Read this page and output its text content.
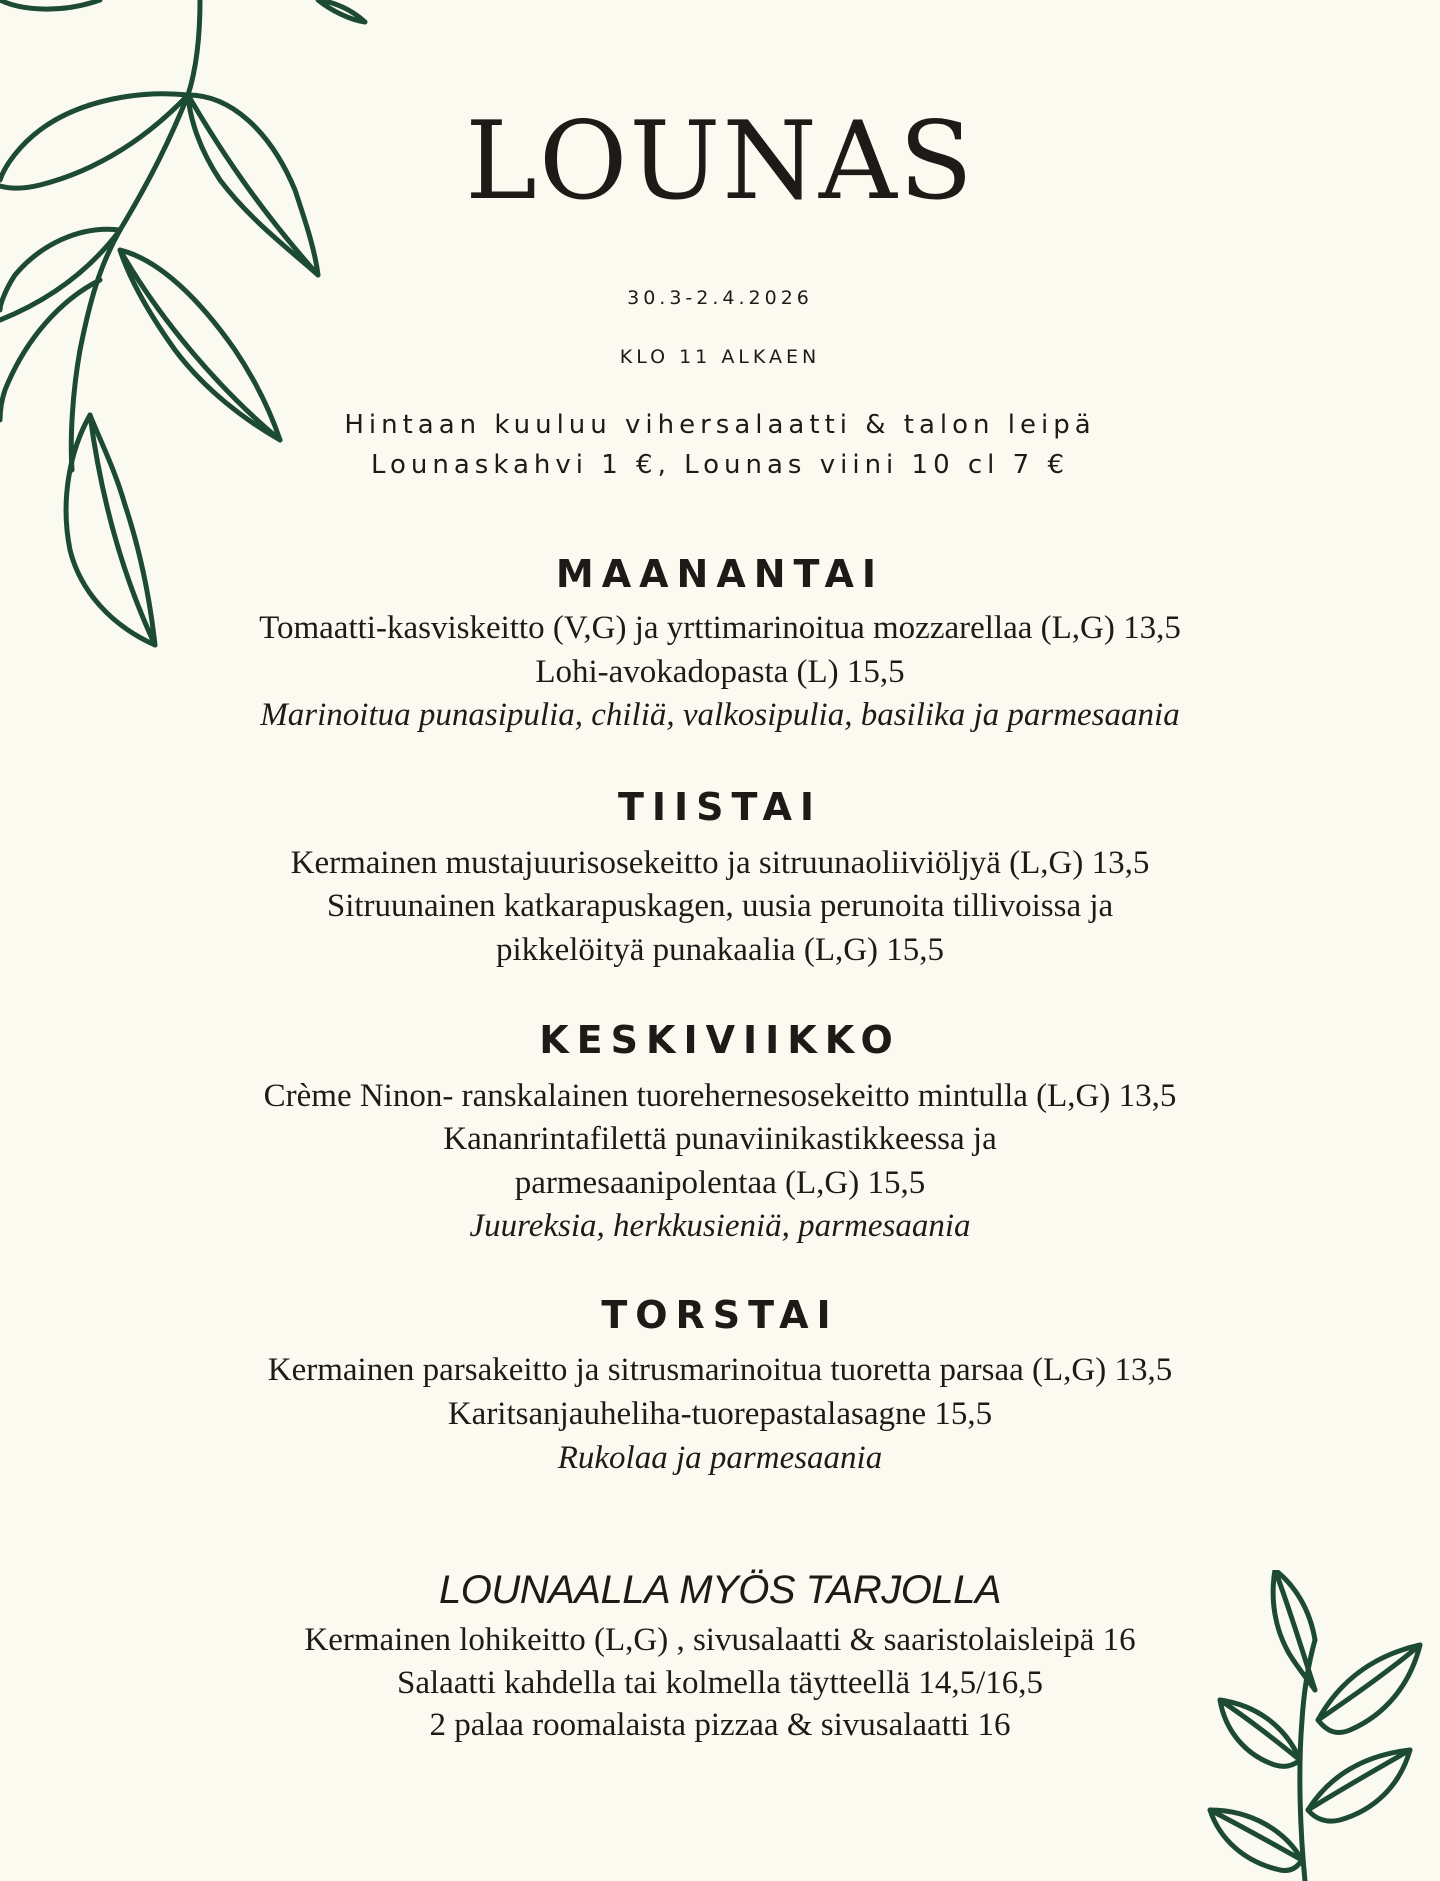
LOUNAS
30.3-2.4.2026
KLO 11 ALKAEN
Hintaan kuuluu vihersalaatti & talon leipä
Lounaskahvi 1 €, Lounas viini 10 cl 7 €
MAANANTAI
Tomaatti-kasviskeitto (V,G) ja yrttimarinoitua mozzarellaa (L,G) 13,5
Lohi-avokadopasta (L) 15,5
Marinoitua punasipulia, chiliä, valkosipulia, basilika ja parmesaania
TIISTAI
Kermainen mustajuurisosekeitto ja sitruunaoliiviöljyä (L,G) 13,5
Sitruunainen katkarapuskagen, uusia perunoita tillivoissa ja
pikkelöityä punakaalia (L,G) 15,5
KESKIVIIKKO
Crème Ninon- ranskalainen tuorehernesosekeitto mintulla (L,G) 13,5
Kananrintafilettä punaviinikastikkeessa ja
parmesaanipolentaa (L,G) 15,5
Juureksia, herkkusieniä, parmesaania
TORSTAI
Kermainen parsakeitto ja sitrusmarinoitua tuoretta parsaa (L,G) 13,5
Karitsanjauheliha-tuorepastalasagne 15,5
Rukolaa ja parmesaania
LOUNAALLA MYÖS TARJOLLA
Kermainen lohikeitto (L,G) , sivusalaatti & saaristolaisleipä 16
Salaatti kahdella tai kolmella täytteellä 14,5/16,5
2 palaa roomalaista pizzaa & sivusalaatti 16
